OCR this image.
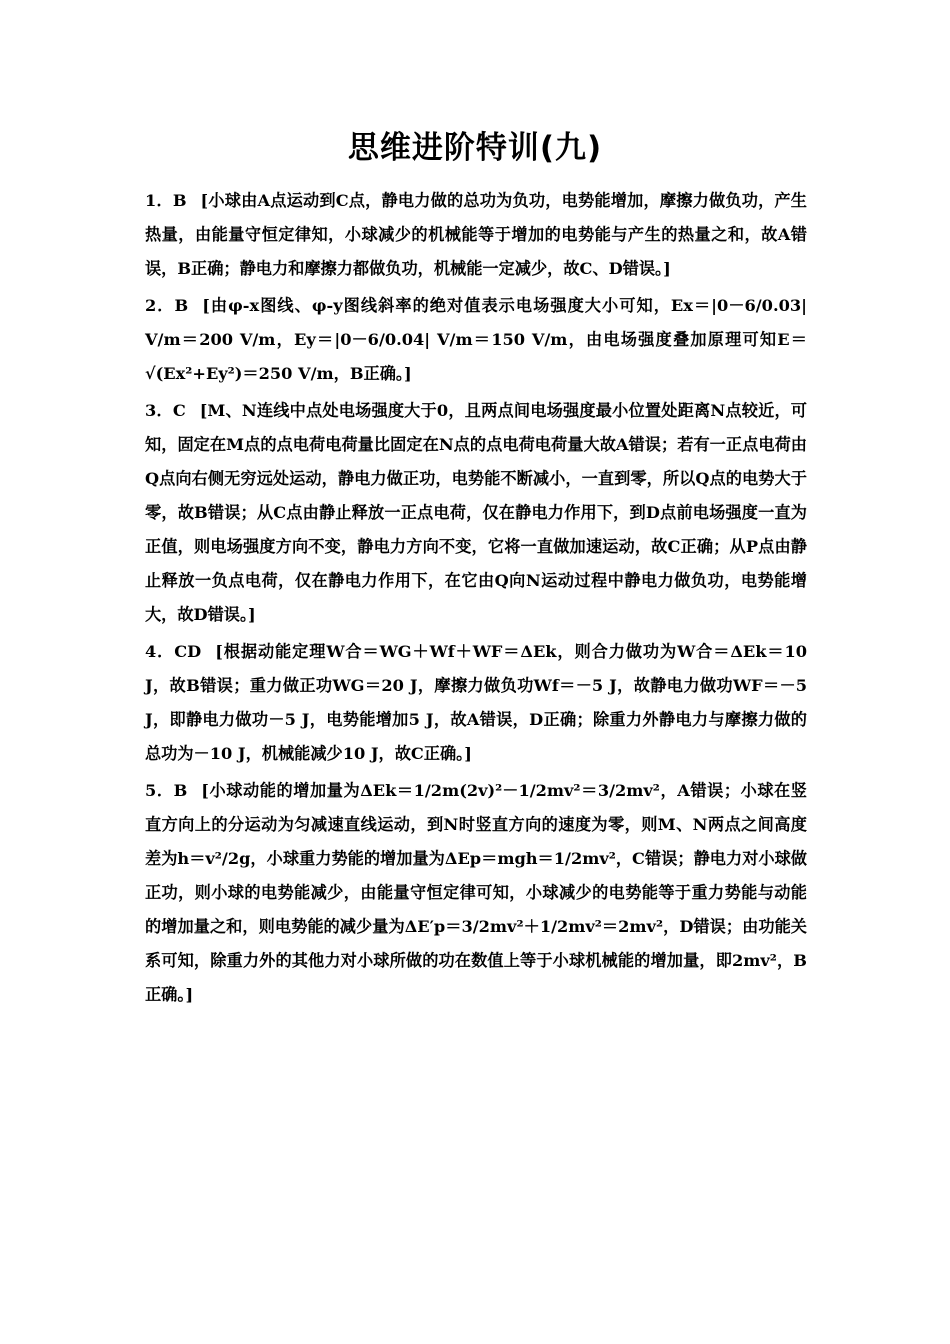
思维进阶特训(九)
1．B [小球由A点运动到C点，静电力做的总功为负功，电势能增加，摩擦力做负功，产生热量，由能量守恒定律知，小球减少的机械能等于增加的电势能与产生的热量之和，故A错误，B正确；静电力和摩擦力都做负功，机械能一定减少，故C、D错误。]
2．B [由φ-x图线、φ-y图线斜率的绝对值表示电场强度大小可知，Ex＝|0－6/0.03| V/m＝200 V/m，Ey＝|0－6/0.04| V/m＝150 V/m，由电场强度叠加原理可知E＝√(Ex²+Ey²)＝250 V/m，B正确。]
3．C [M、N连线中点处电场强度大于0，且两点间电场强度最小位置处距离N点较近，可知，固定在M点的点电荷电荷量比固定在N点的点电荷电荷量大故A错误；若有一正点电荷由Q点向右侧无穷远处运动，静电力做正功，电势能不断减小，一直到零，所以Q点的电势大于零，故B错误；从C点由静止释放一正点电荷，仅在静电力作用下，到D点前电场强度一直为正值，则电场强度方向不变，静电力方向不变，它将一直做加速运动，故C正确；从P点由静止释放一负点电荷，仅在静电力作用下，在它由Q向N运动过程中静电力做负功，电势能增大，故D错误。]
4．CD [根据动能定理W合＝WG＋Wf＋WF＝ΔEk，则合力做功为W合＝ΔEk＝10 J，故B错误；重力做正功WG＝20 J，摩擦力做负功Wf＝－5 J，故静电力做功WF＝－5 J，即静电力做功－5 J，电势能增加5 J，故A错误，D正确；除重力外静电力与摩擦力做的总功为－10 J，机械能减少10 J，故C正确。]
5．B [小球动能的增加量为ΔEk＝1/2m(2v)²－1/2mv²＝3/2mv²，A错误；小球在竖直方向上的分运动为匀减速直线运动，到N时竖直方向的速度为零，则M、N两点之间高度差为h＝v²/2g，小球重力势能的增加量为ΔEp＝mgh＝1/2mv²，C错误；静电力对小球做正功，则小球的电势能减少，由能量守恒定律可知，小球减少的电势能等于重力势能与动能的增加量之和，则电势能的减少量为ΔE′p＝3/2mv²＋1/2mv²＝2mv²，D错误；由功能关系可知，除重力外的其他力对小球所做的功在数值上等于小球机械能的增加量，即2mv²，B正确。]
